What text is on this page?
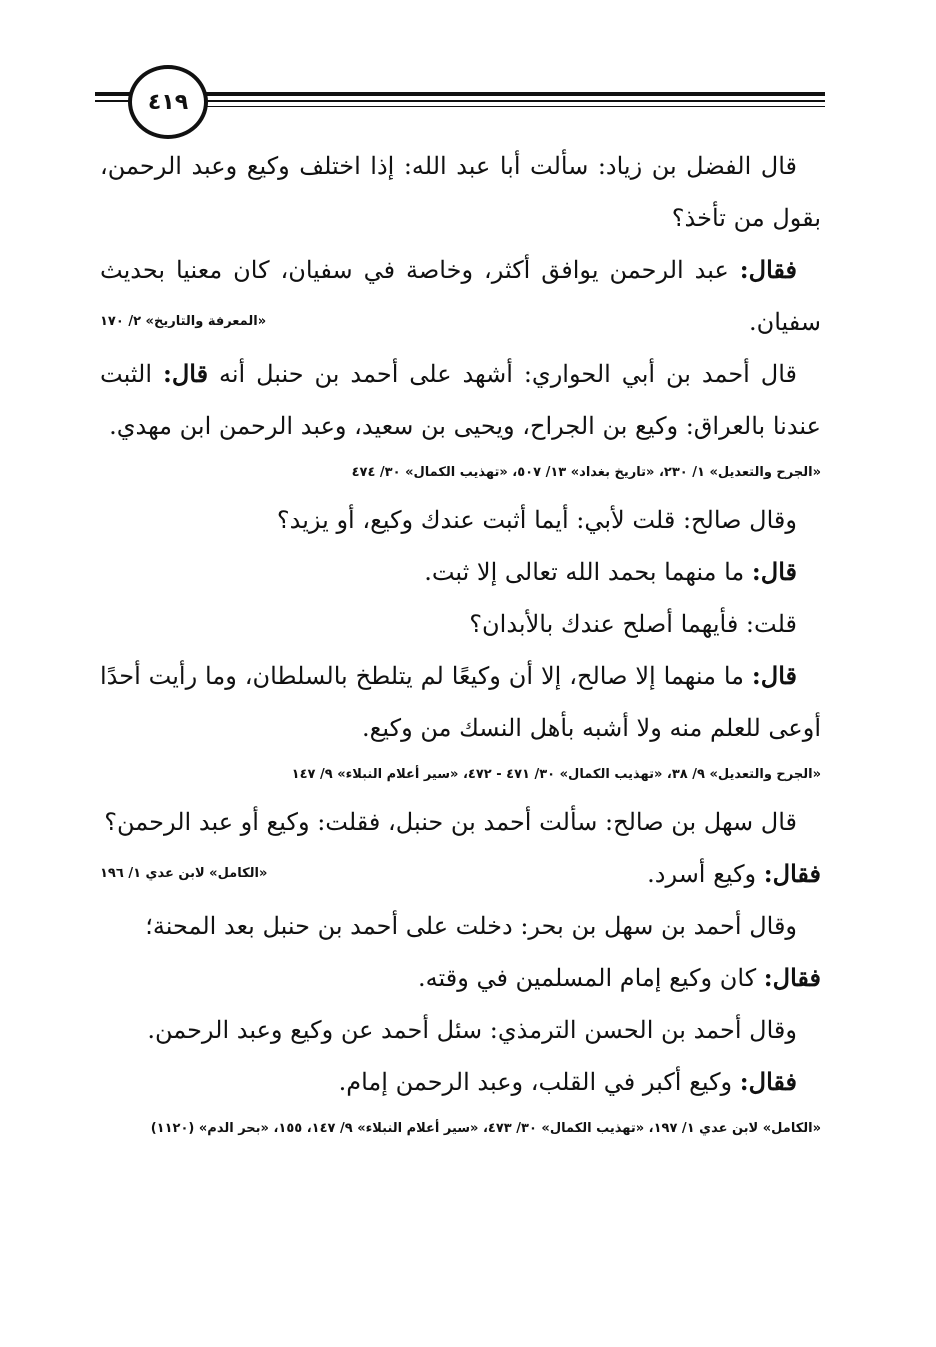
٤١٩

قال الفضل بن زياد: سألت أبا عبد الله: إذا اختلف وكيع وعبد الرحمن، بقول من تأخذ؟

فقال: عبد الرحمن يوافق أكثر، وخاصة في سفيان، كان معنيا بحديث سفيان.
«المعرفة والتاريخ» ٢/ ١٧٠

قال أحمد بن أبي الحواري: أشهد على أحمد بن حنبل أنه قال: الثبت عندنا بالعراق: وكيع بن الجراح، ويحيى بن سعيد، وعبد الرحمن ابن مهدي.

«الجرح والتعديل» ١/ ٢٣٠، «تاريخ بغداد» ١٣/ ٥٠٧، «تهذيب الكمال» ٣٠/ ٤٧٤

وقال صالح: قلت لأبي: أيما أثبت عندك وكيع، أو يزيد؟

قال: ما منهما بحمد الله تعالى إلا ثبت.

قلت: فأيهما أصلح عندك بالأبدان؟

قال: ما منهما إلا صالح، إلا أن وكيعًا لم يتلطخ بالسلطان، وما رأيت أحدًا أوعى للعلم منه ولا أشبه بأهل النسك من وكيع.

«الجرح والتعديل» ٩/ ٣٨، «تهذيب الكمال» ٣٠/ ٤٧١ - ٤٧٢، «سير أعلام النبلاء» ٩/ ١٤٧

قال سهل بن صالح: سألت أحمد بن حنبل، فقلت: وكيع أو عبد الرحمن؟

فقال: وكيع أسرد.
«الكامل» لابن عدي ١/ ١٩٦

وقال أحمد بن سهل بن بحر: دخلت على أحمد بن حنبل بعد المحنة؛

فقال: كان وكيع إمام المسلمين في وقته.

وقال أحمد بن الحسن الترمذي: سئل أحمد عن وكيع وعبد الرحمن.

فقال: وكيع أكبر في القلب، وعبد الرحمن إمام.

«الكامل» لابن عدي ١/ ١٩٧، «تهذيب الكمال» ٣٠/ ٤٧٣، «سير أعلام النبلاء» ٩/ ١٤٧، ١٥٥، «بحر الدم» (١١٢٠)
